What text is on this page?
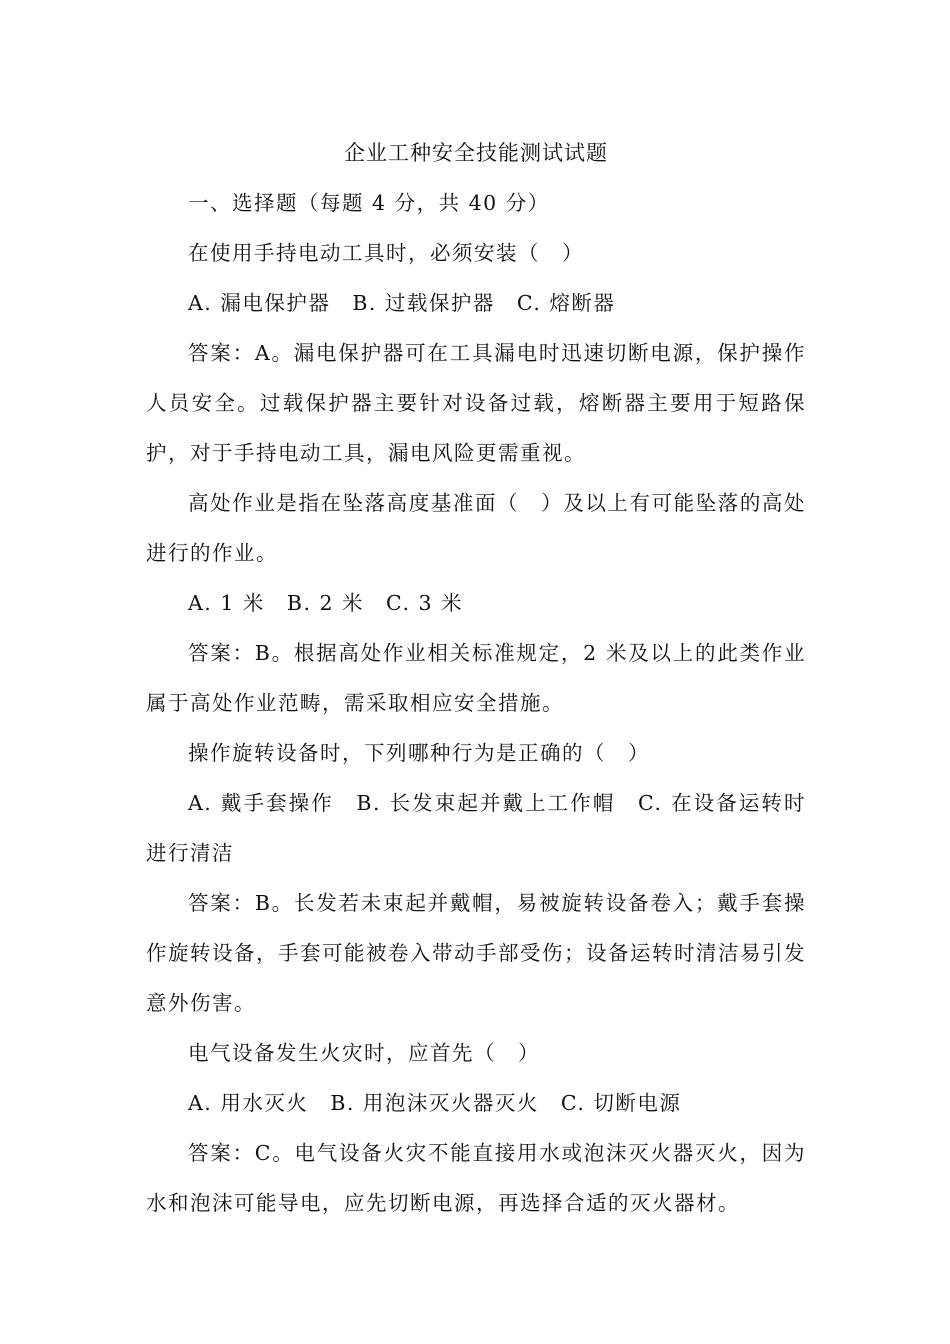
企业工种安全技能测试试题

一、选择题（每题 4 分，共 40 分）

在使用手持电动工具时，必须安装（　）

A. 漏电保护器　B. 过载保护器　C. 熔断器

答案：A。漏电保护器可在工具漏电时迅速切断电源，保护操作人员安全。过载保护器主要针对设备过载，熔断器主要用于短路保护，对于手持电动工具，漏电风险更需重视。

高处作业是指在坠落高度基准面（　）及以上有可能坠落的高处进行的作业。

A. 1 米　B. 2 米　C. 3 米

答案：B。根据高处作业相关标准规定，2 米及以上的此类作业属于高处作业范畴，需采取相应安全措施。

操作旋转设备时，下列哪种行为是正确的（　）

A. 戴手套操作　B. 长发束起并戴上工作帽　C. 在设备运转时进行清洁

答案：B。长发若未束起并戴帽，易被旋转设备卷入；戴手套操作旋转设备，手套可能被卷入带动手部受伤；设备运转时清洁易引发意外伤害。

电气设备发生火灾时，应首先（　）

A. 用水灭火　B. 用泡沫灭火器灭火　C. 切断电源

答案：C。电气设备火灾不能直接用水或泡沫灭火器灭火，因为水和泡沫可能导电，应先切断电源，再选择合适的灭火器材。
